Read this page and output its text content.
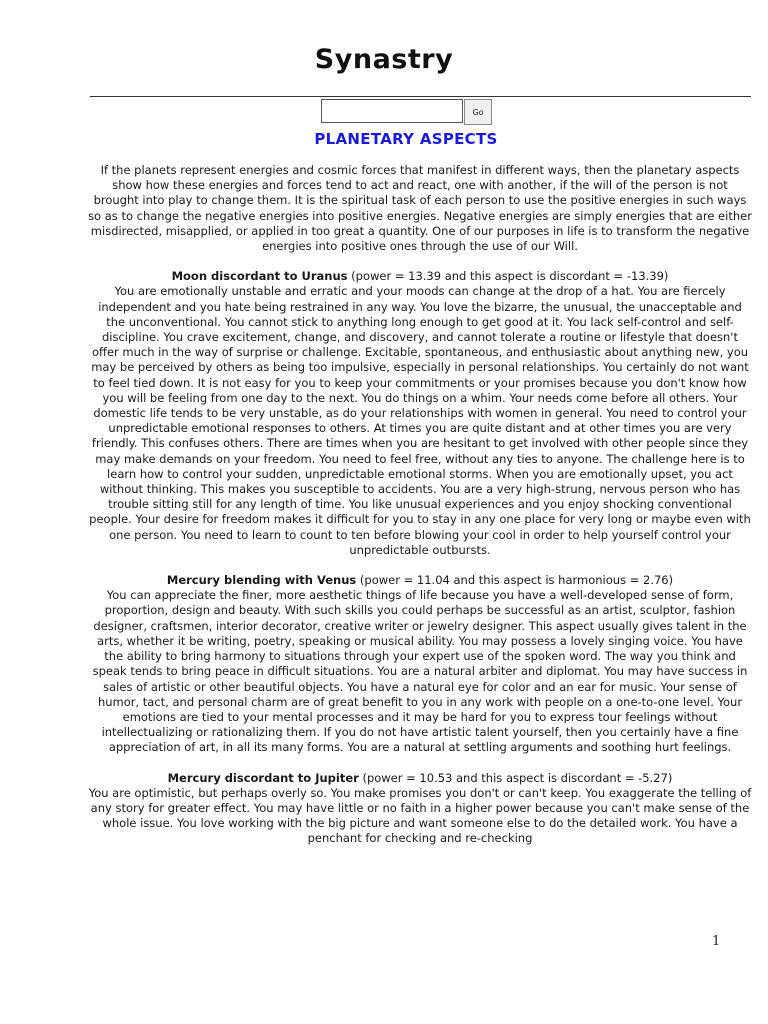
Synastry
Go
PLANETARY ASPECTS

If the planets represent energies and cosmic forces that manifest in different ways, then the planetary aspects show how these energies and forces tend to act and react, one with another, if the will of the person is not brought into play to change them. It is the spiritual task of each person to use the positive energies in such ways so as to change the negative energies into positive energies. Negative energies are simply energies that are either misdirected, misapplied, or applied in too great a quantity. One of our purposes in life is to transform the negative energies into positive ones through the use of our Will.

Moon discordant to Uranus (power = 13.39 and this aspect is discordant = -13.39)
You are emotionally unstable and erratic and your moods can change at the drop of a hat. You are fiercely independent and you hate being restrained in any way. You love the bizarre, the unusual, the unacceptable and the unconventional. You cannot stick to anything long enough to get good at it. You lack self-control and self-discipline. You crave excitement, change, and discovery, and cannot tolerate a routine or lifestyle that doesn't offer much in the way of surprise or challenge. Excitable, spontaneous, and enthusiastic about anything new, you may be perceived by others as being too impulsive, especially in personal relationships. You certainly do not want to feel tied down. It is not easy for you to keep your commitments or your promises because you don't know how you will be feeling from one day to the next. You do things on a whim. Your needs come before all others. Your domestic life tends to be very unstable, as do your relationships with women in general. You need to control your unpredictable emotional responses to others. At times you are quite distant and at other times you are very friendly. This confuses others. There are times when you are hesitant to get involved with other people since they may make demands on your freedom. You need to feel free, without any ties to anyone. The challenge here is to learn how to control your sudden, unpredictable emotional storms. When you are emotionally upset, you act without thinking. This makes you susceptible to accidents. You are a very high-strung, nervous person who has trouble sitting still for any length of time. You like unusual experiences and you enjoy shocking conventional people. Your desire for freedom makes it difficult for you to stay in any one place for very long or maybe even with one person. You need to learn to count to ten before blowing your cool in order to help yourself control your unpredictable outbursts.

Mercury blending with Venus (power = 11.04 and this aspect is harmonious = 2.76)
You can appreciate the finer, more aesthetic things of life because you have a well-developed sense of form, proportion, design and beauty. With such skills you could perhaps be successful as an artist, sculptor, fashion designer, craftsmen, interior decorator, creative writer or jewelry designer. This aspect usually gives talent in the arts, whether it be writing, poetry, speaking or musical ability. You may possess a lovely singing voice. You have the ability to bring harmony to situations through your expert use of the spoken word. The way you think and speak tends to bring peace in difficult situations. You are a natural arbiter and diplomat. You may have success in sales of artistic or other beautiful objects. You have a natural eye for color and an ear for music. Your sense of humor, tact, and personal charm are of great benefit to you in any work with people on a one-to-one level. Your emotions are tied to your mental processes and it may be hard for you to express tour feelings without intellectualizing or rationalizing them. If you do not have artistic talent yourself, then you certainly have a fine appreciation of art, in all its many forms. You are a natural at settling arguments and soothing hurt feelings.

Mercury discordant to Jupiter (power = 10.53 and this aspect is discordant = -5.27)
You are optimistic, but perhaps overly so. You make promises you don't or can't keep. You exaggerate the telling of any story for greater effect. You may have little or no faith in a higher power because you can't make sense of the whole issue. You love working with the big picture and want someone else to do the detailed work. You have a penchant for checking and re-checking

1
